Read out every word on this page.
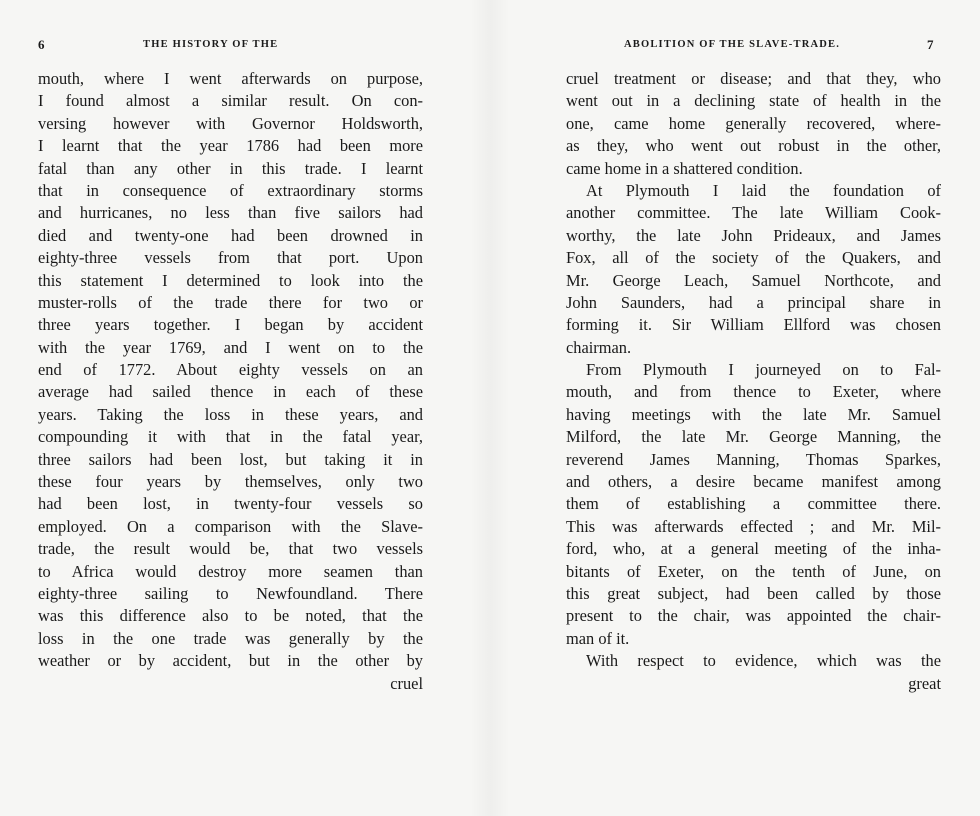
6	THE HISTORY OF THE
mouth, where I went afterwards on purpose,
I found almost a similar result. On con-
versing however with Governor Holdsworth,
I learnt that the year 1786 had been more
fatal than any other in this trade. I learnt
that in consequence of extraordinary storms
and hurricanes, no less than five sailors had
died and twenty-one had been drowned in
eighty-three vessels from that port. Upon
this statement I determined to look into the
muster-rolls of the trade there for two or
three years together. I began by accident
with the year 1769, and I went on to the
end of 1772. About eighty vessels on an
average had sailed thence in each of these
years. Taking the loss in these years, and
compounding it with that in the fatal year,
three sailors had been lost, but taking it in
these four years by themselves, only two
had been lost, in twenty-four vessels so
employed. On a comparison with the Slave-
trade, the result would be, that two vessels
to Africa would destroy more seamen than
eighty-three sailing to Newfoundland. There
was this difference also to be noted, that the
loss in the one trade was generally by the
weather or by accident, but in the other by
cruel
7
ABOLITION OF THE SLAVE-TRADE.
cruel treatment or disease; and that they, who
went out in a declining state of health in the
one, came home generally recovered, where-
as they, who went out robust in the other,
came home in a shattered condition.
At Plymouth I laid the foundation of
another committee. The late William Cook-
worthy, the late John Prideaux, and James
Fox, all of the society of the Quakers, and
Mr. George Leach, Samuel Northcote, and
John Saunders, had a principal share in
forming it. Sir William Ellford was chosen
chairman.
From Plymouth I journeyed on to Fal-
mouth, and from thence to Exeter, where
having meetings with the late Mr. Samuel
Milford, the late Mr. George Manning, the
reverend James Manning, Thomas Sparkes,
and others, a desire became manifest among
them of establishing a committee there.
This was afterwards effected ; and Mr. Mil-
ford, who, at a general meeting of the inha-
bitants of Exeter, on the tenth of June, on
this great subject, had been called by those
present to the chair, was appointed the chair-
man of it.
With respect to evidence, which was the
great
